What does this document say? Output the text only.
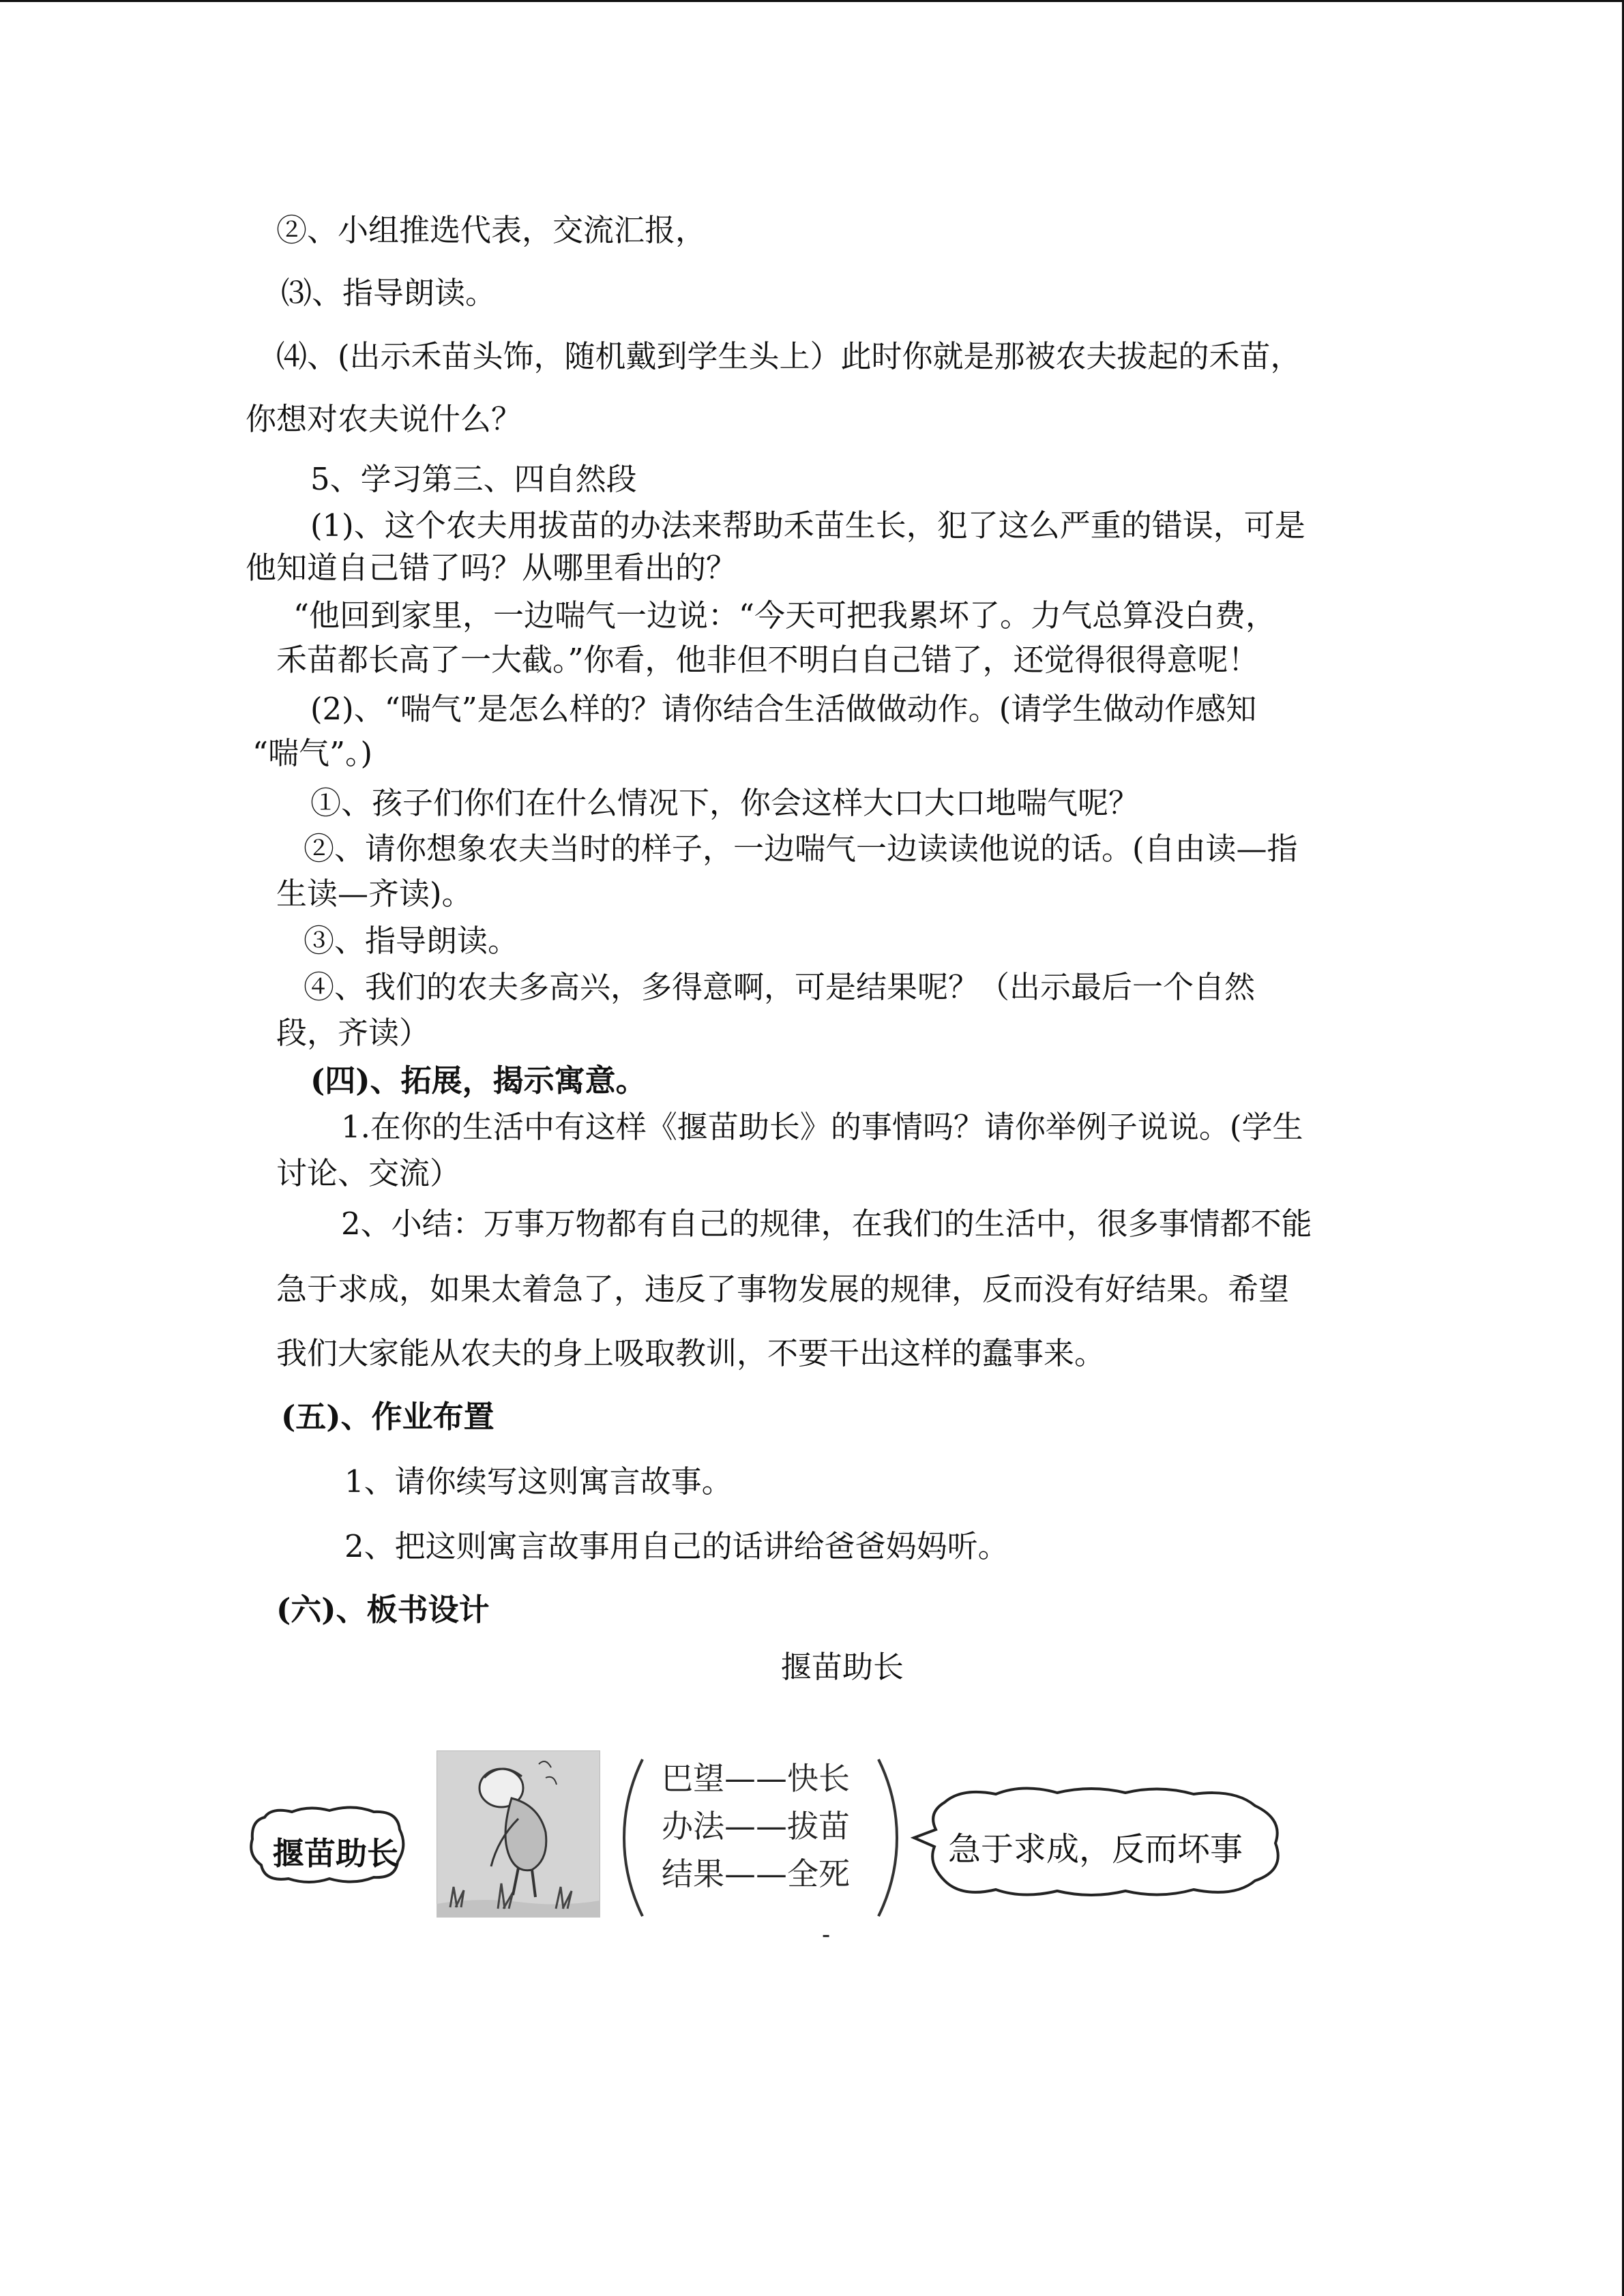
②、小组推选代表，交流汇报，
⑶、指导朗读。
⑷、(出示禾苗头饰，随机戴到学生头上）此时你就是那被农夫拔起的禾苗，
你想对农夫说什么？
5、学习第三、四自然段
(1)、这个农夫用拔苗的办法来帮助禾苗生长，犯了这么严重的错误，可是
他知道自己错了吗？从哪里看出的？
“他回到家里，一边喘气一边说：“今天可把我累坏了。力气总算没白费，
禾苗都长高了一大截。”你看，他非但不明白自己错了，还觉得很得意呢！
(2)、“喘气”是怎么样的？请你结合生活做做动作。(请学生做动作感知
“喘气”。)
①、孩子们你们在什么情况下，你会这样大口大口地喘气呢？
②、请你想象农夫当时的样子，一边喘气一边读读他说的话。(自由读—指
生读—齐读)。
③、指导朗读。
④、我们的农夫多高兴，多得意啊，可是结果呢？（出示最后一个自然
段，齐读）
(四)、拓展，揭示寓意。
1.在你的生活中有这样《揠苗助长》的事情吗？请你举例子说说。(学生
讨论、交流）
2、小结：万事万物都有自己的规律，在我们的生活中，很多事情都不能
急于求成，如果太着急了，违反了事物发展的规律，反而没有好结果。希望
我们大家能从农夫的身上吸取教训，不要干出这样的蠢事来。
(五)、作业布置
1、请你续写这则寓言故事。
2、把这则寓言故事用自己的话讲给爸爸妈妈听。
(六)、板书设计
揠苗助长
揠苗助长
巴望——快长
办法——拔苗
结果——全死
急于求成，反而坏事
-
